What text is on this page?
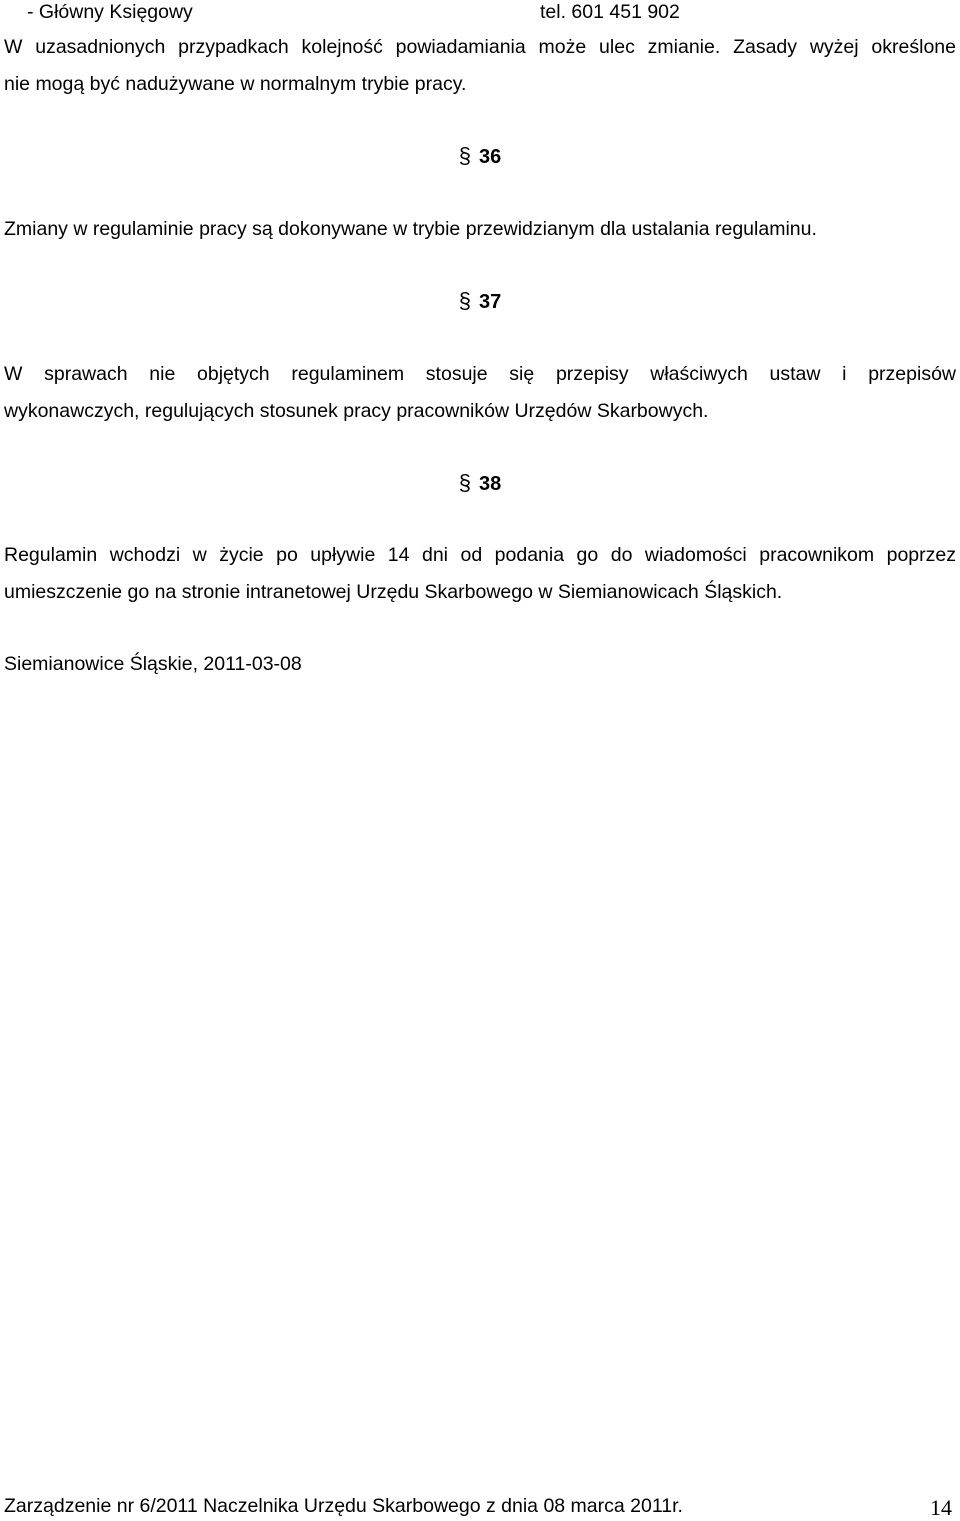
- Główny Księgowy	tel. 601 451 902
W uzasadnionych przypadkach kolejność powiadamiania może ulec zmianie. Zasady wyżej określone
nie mogą być nadużywane w normalnym trybie pracy.
§ 36
Zmiany w regulaminie pracy są dokonywane w trybie przewidzianym dla ustalania regulaminu.
§ 37
W sprawach nie objętych regulaminem stosuje się przepisy właściwych ustaw i przepisów
wykonawczych, regulujących stosunek pracy pracowników Urzędów Skarbowych.
§ 38
Regulamin wchodzi w życie po upływie 14 dni od podania go do wiadomości pracownikom poprzez
umieszczenie go na stronie intranetowej Urzędu Skarbowego w Siemianowicach Śląskich.
Siemianowice Śląskie, 2011-03-08
Zarządzenie nr 6/2011 Naczelnika Urzędu Skarbowego z dnia 08 marca 2011r.	14
